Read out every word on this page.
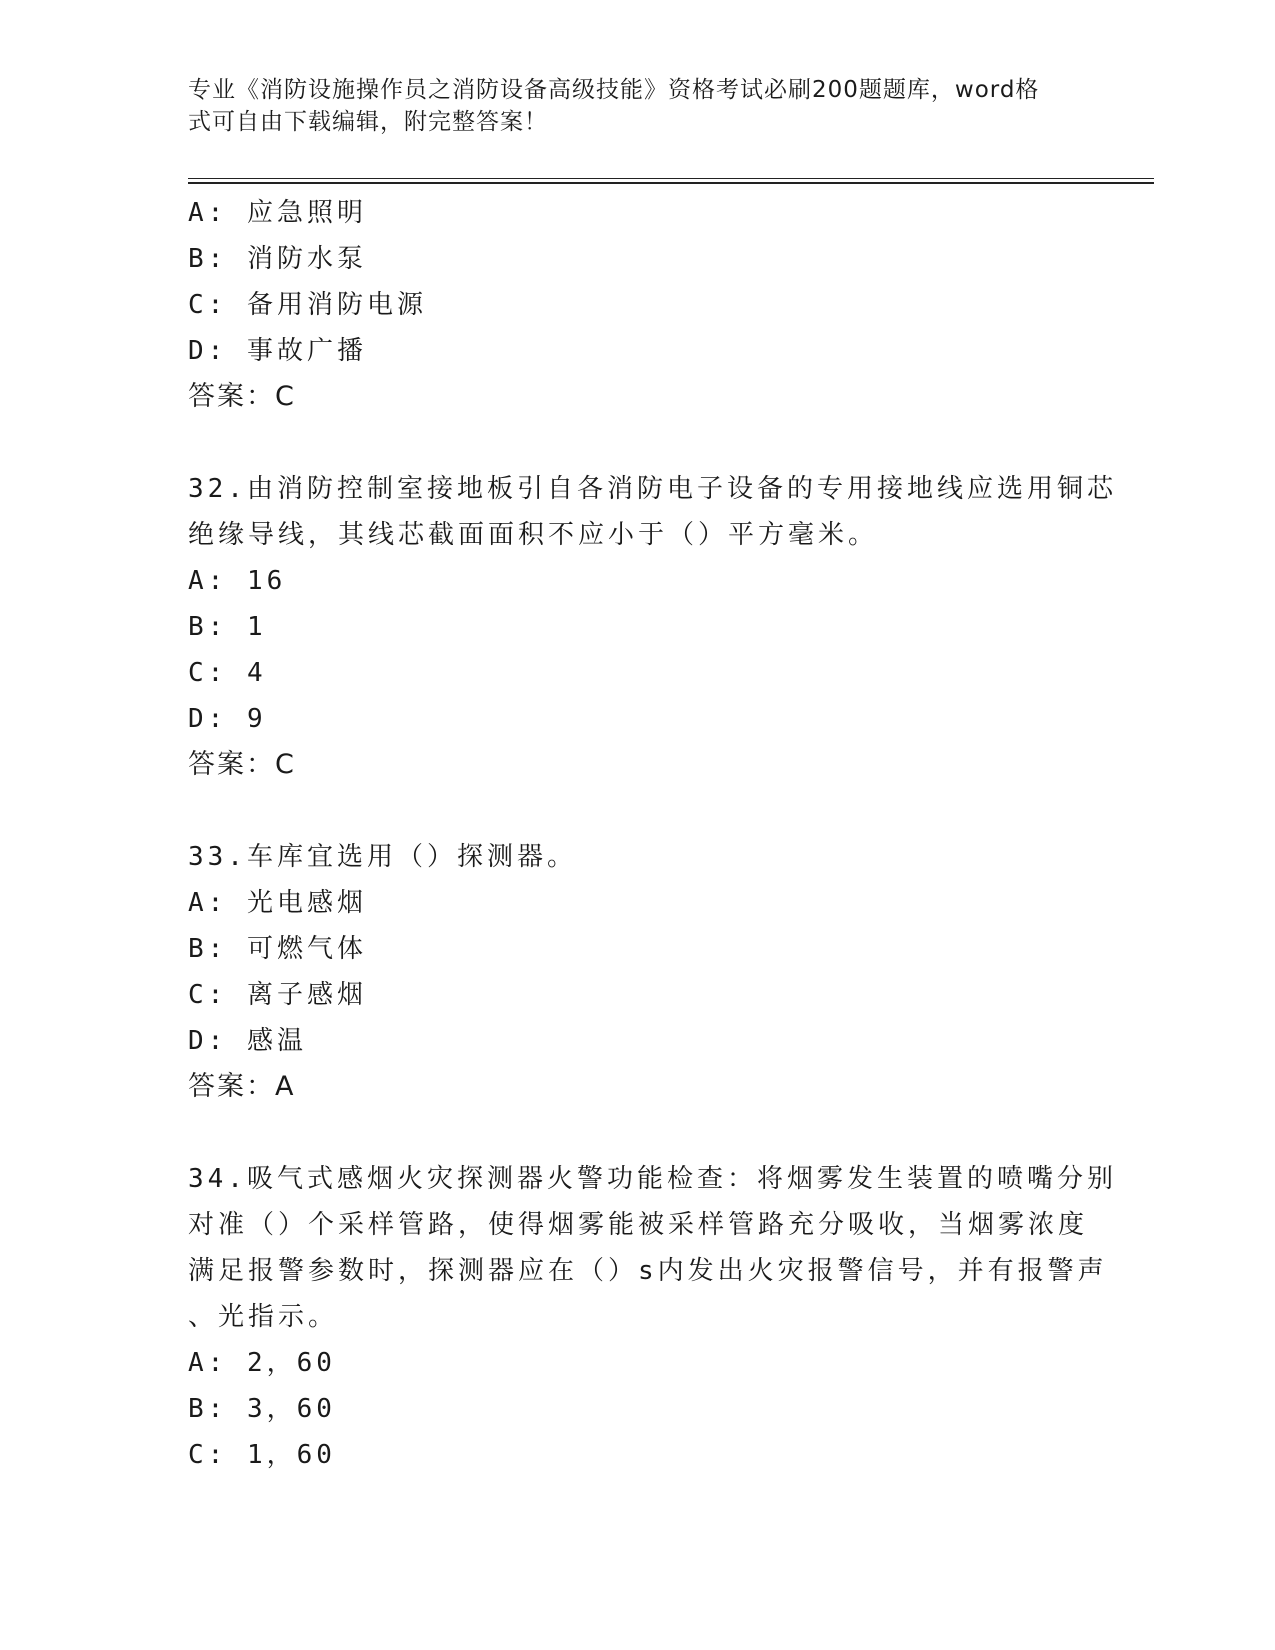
专业《消防设施操作员之消防设备高级技能》资格考试必刷200题题库，word格
式可自由下载编辑，附完整答案！
A: 应急照明
B: 消防水泵
C: 备用消防电源
D: 事故广播
答案：C
32.由消防控制室接地板引自各消防电子设备的专用接地线应选用铜芯
绝缘导线，其线芯截面面积不应小于（）平方毫米。
A: 16
B: 1
C: 4
D: 9
答案：C
33.车库宜选用（）探测器。
A: 光电感烟
B: 可燃气体
C: 离子感烟
D: 感温
答案：A
34.吸气式感烟火灾探测器火警功能检查：将烟雾发生装置的喷嘴分别
对准（）个采样管路，使得烟雾能被采样管路充分吸收，当烟雾浓度
满足报警参数时，探测器应在（）s内发出火灾报警信号，并有报警声
、光指示。
A: 2，60
B: 3，60
C: 1，60
